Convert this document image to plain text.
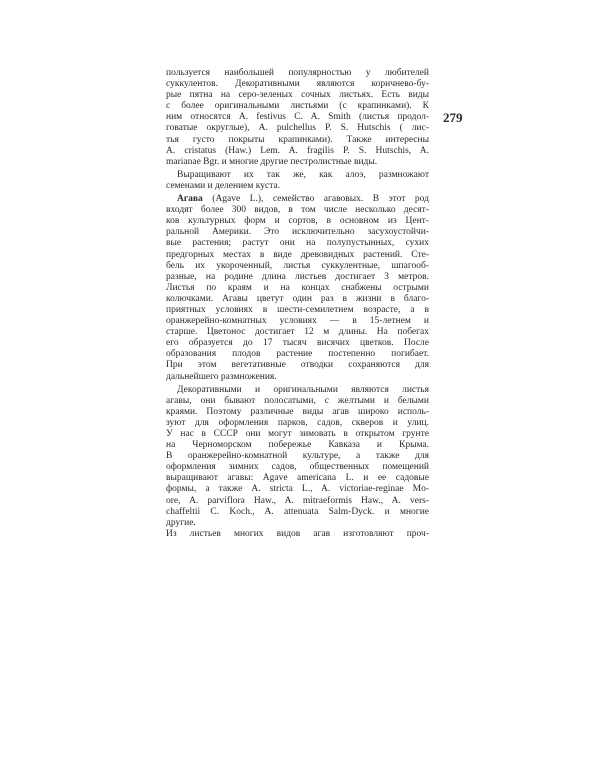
279
пользуется наибольшей популярностью у любителей
суккулентов. Декоративными являются коричнево-бу-
рые пятна на серо-зеленых сочных листьях. Есть виды
с более оригинальными листьями (с крапинками). К
ним относятся A. festivus C. A. Smith (листья продол-
говатые округлые), A. pulchellus P. S. Hutschis ( лис-
тья густо покрыты крапинками). Также интересны
A. cristatus (Haw.) Lem. A. fragilis P. S. Hutschis, A.
marianae Bgr. и многие другие пестролистные виды.
Выращивают их так же, как алоэ, размножают
семенами и делением куста.
Агава (Agave L.), семейство агавовых. В этот род
входят более 300 видов, в том числе несколько десят-
ков культурных форм и сортов, в основном из Цент-
ральной Америки. Это исключительно засухоустойчи-
вые растения; растут они на полупустынных, сухих
предгорных местах в виде древовидных растений. Сте-
бель их укороченный, листья суккулентные, шпагооб-
разные, на родине длина листьев достигает 3 метров.
Листья по краям и на концах снабжены острыми
колючками. Агавы цветут один раз в жизни в благо-
приятных условиях в шести-семилетнем возрасте, а в
оранжерейно-комнатных условиях — в 15-летнем и
старше. Цветонос достигает 12 м длины. На побегах
его образуется до 17 тысяч висячих цветков. После
образования плодов растение постепенно погибает.
При этом вегетативные отводки сохраняются для
дальнейшего размножения.
Декоративными и оригинальными являются листья
агавы, они бывают полосатыми, с желтыми и белыми
краями. Поэтому различные виды агав широко исполь-
зуют для оформления парков, садов, скверов и улиц.
У нас в СССР они могут зимовать в открытом грунте
на Черноморском побережье Кавказа и Крыма.
В оранжерейно-комнатной культуре, а также для
оформления зимних садов, общественных помещений
выращивают агавы: Agave americana L. и ее садовые
формы, а также A. stricta L., A. victoriae-reginae Mo-
ore, A. parviflora Haw., A. mitraeformis Haw., A. vers-
chaffeltii C. Koch., A. attenuata Salm-Dyck. и многие
другие.
Из листьев многих видов агав изготовляют проч-
